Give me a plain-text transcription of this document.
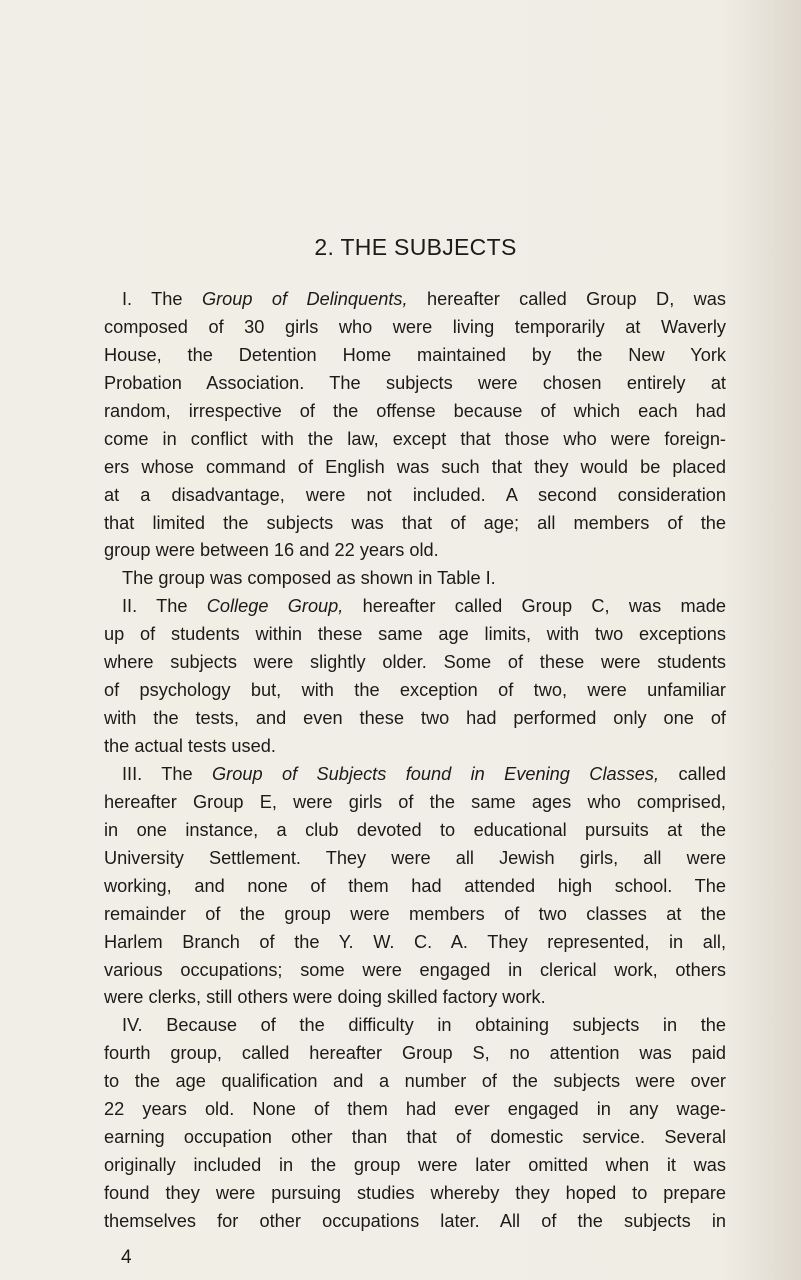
2. THE SUBJECTS
I. The Group of Delinquents, hereafter called Group D, was
composed of 30 girls who were living temporarily at Waverly
House, the Detention Home maintained by the New York
Probation Association. The subjects were chosen entirely at
random, irrespective of the offense because of which each had
come in conflict with the law, except that those who were foreign-
ers whose command of English was such that they would be placed
at a disadvantage, were not included. A second consideration
that limited the subjects was that of age; all members of the
group were between 16 and 22 years old.
The group was composed as shown in Table I.
II. The College Group, hereafter called Group C, was made
up of students within these same age limits, with two exceptions
where subjects were slightly older. Some of these were students
of psychology but, with the exception of two, were unfamiliar
with the tests, and even these two had performed only one of
the actual tests used.
III. The Group of Subjects found in Evening Classes, called
hereafter Group E, were girls of the same ages who comprised,
in one instance, a club devoted to educational pursuits at the
University Settlement. They were all Jewish girls, all were
working, and none of them had attended high school. The
remainder of the group were members of two classes at the
Harlem Branch of the Y. W. C. A. They represented, in all,
various occupations; some were engaged in clerical work, others
were clerks, still others were doing skilled factory work.
IV. Because of the difficulty in obtaining subjects in the
fourth group, called hereafter Group S, no attention was paid
to the age qualification and a number of the subjects were over
22 years old. None of them had ever engaged in any wage-
earning occupation other than that of domestic service. Several
originally included in the group were later omitted when it was
found they were pursuing studies whereby they hoped to prepare
themselves for other occupations later. All of the subjects in
4
